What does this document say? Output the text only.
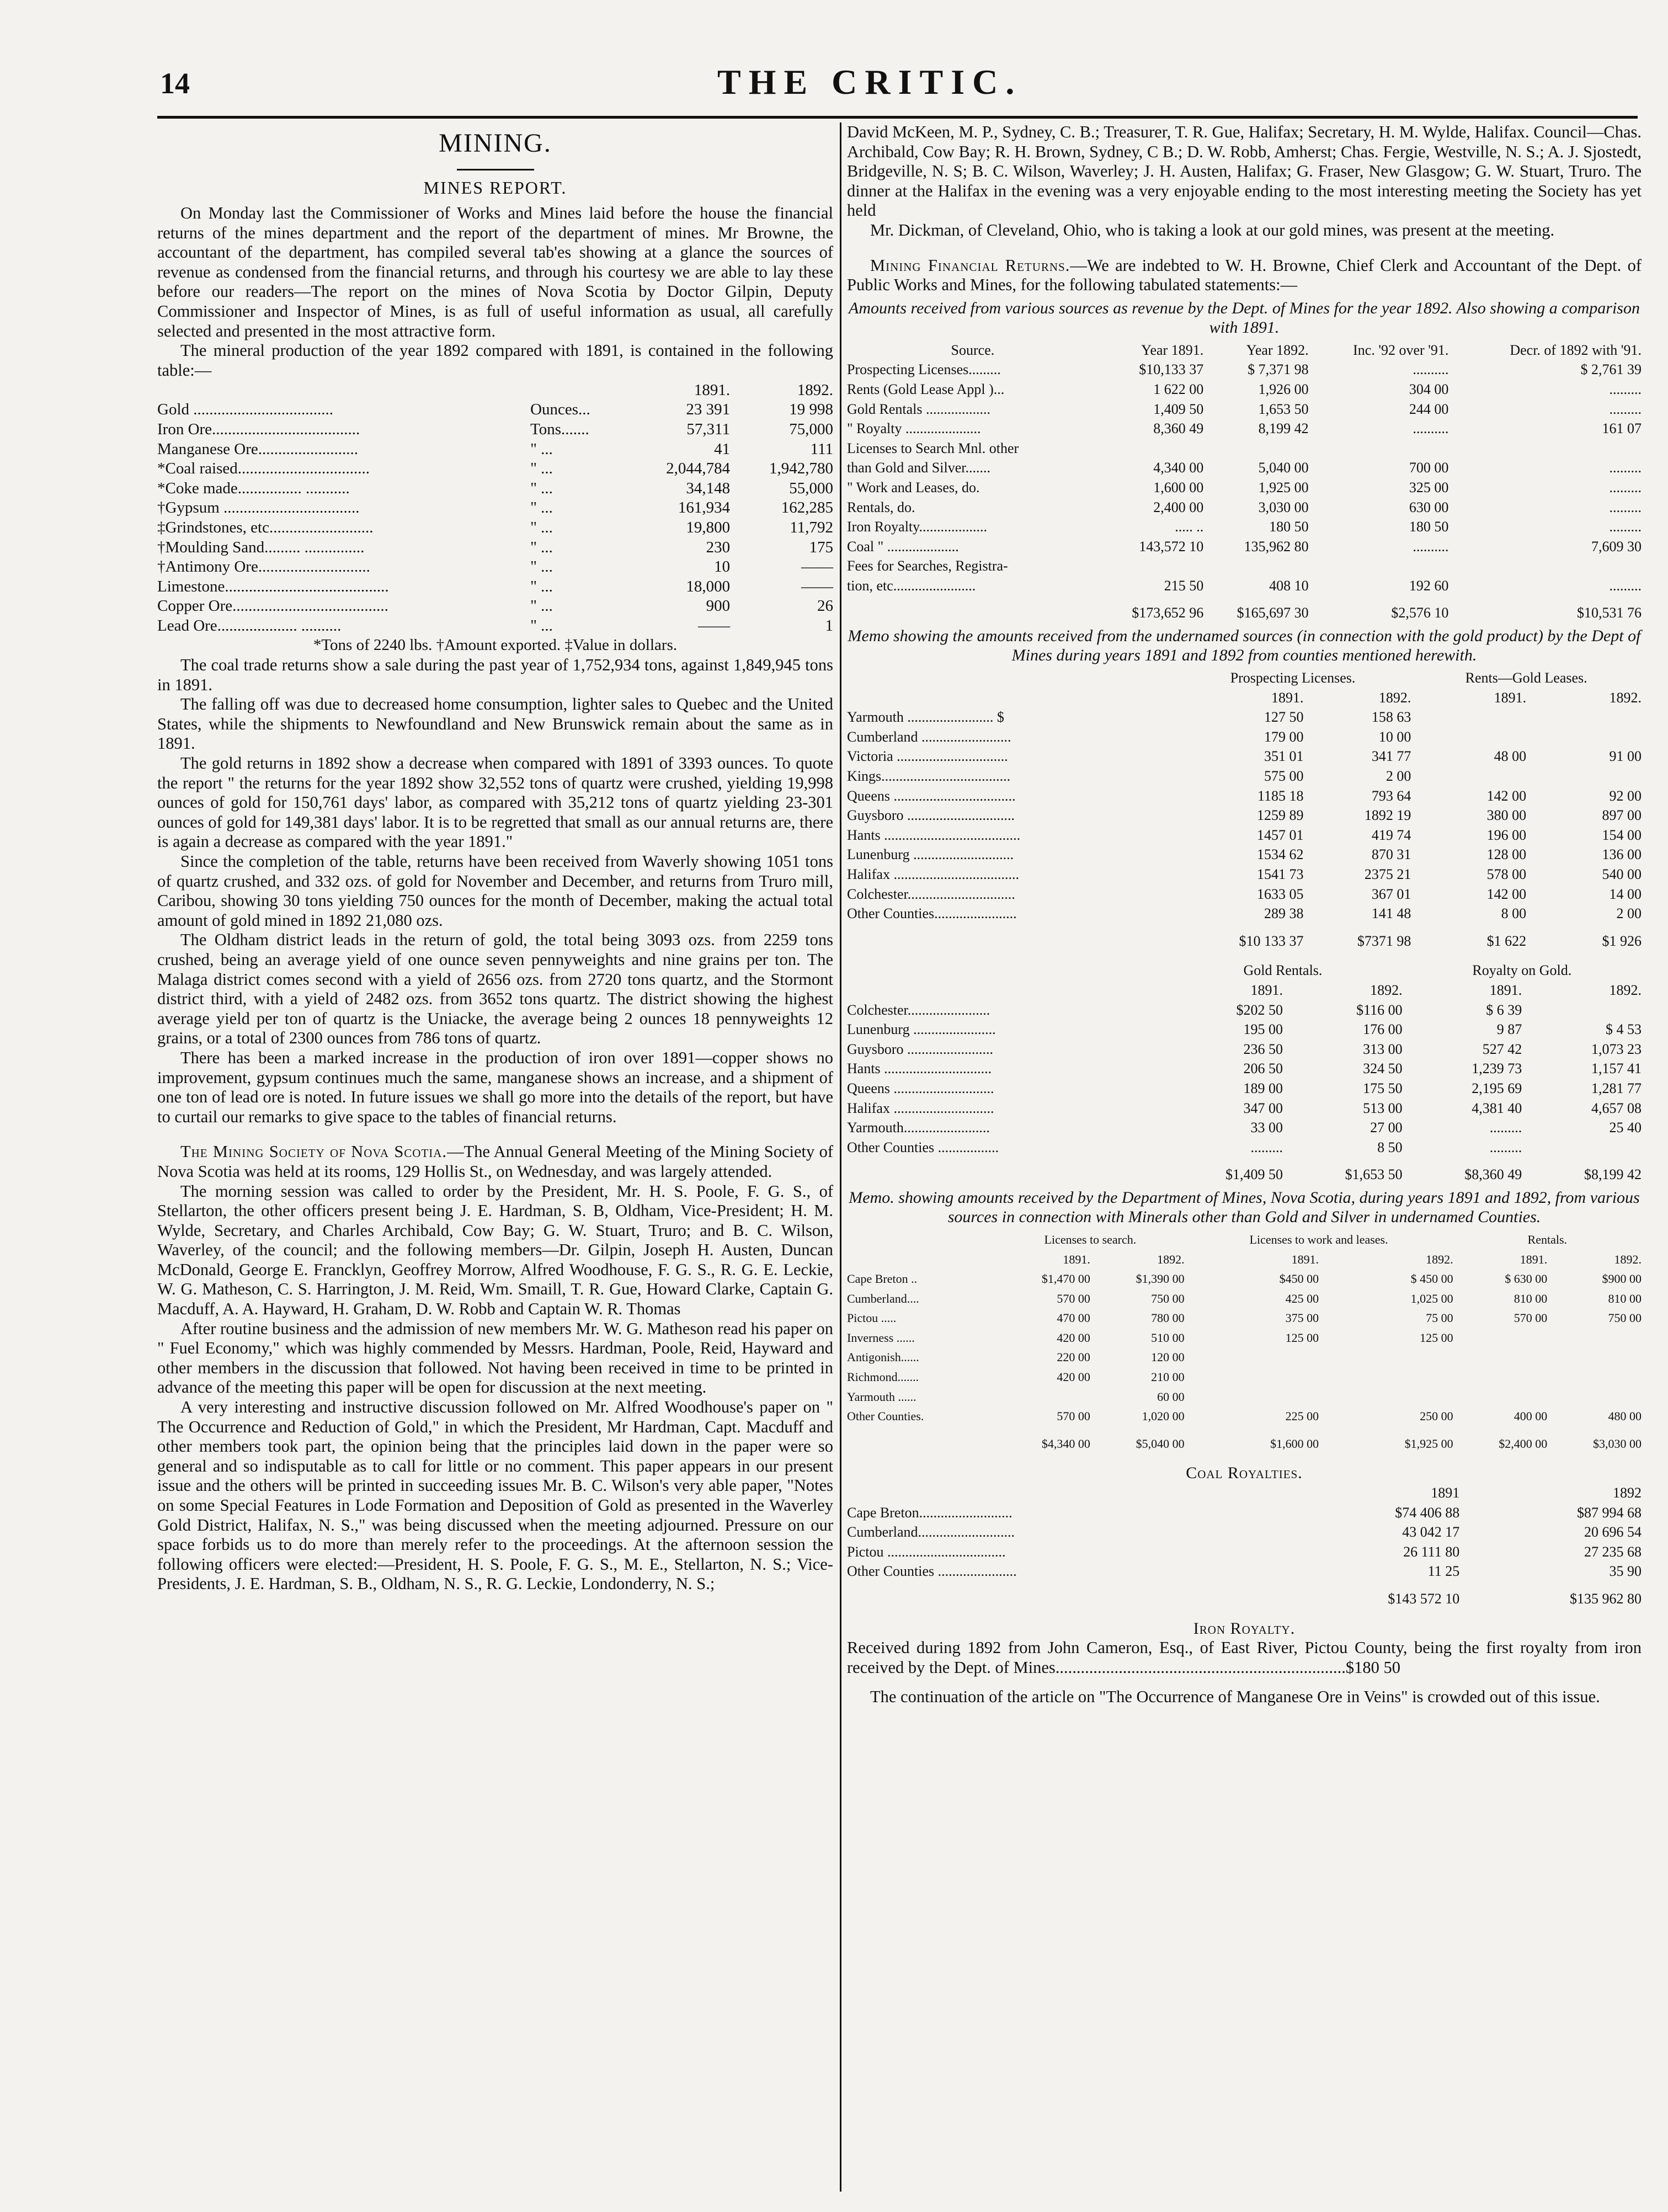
14	THE CRITIC.
MINING.
MINES REPORT.

On Monday last the Commissioner of Works and Mines laid before the house the financial returns of the mines department and the report of the department of mines. Mr Browne, the accountant of the department, has compiled several tab'es showing at a glance the sources of revenue as condensed from the financial returns, and through his courtesy we are able to lay these before our readers—The report on the mines of Nova Scotia by Doctor Gilpin, Deputy Commissioner and Inspector of Mines, is as full of useful information as usual, all carefully selected and presented in the most attractive form.

The mineral production of the year 1892 compared with 1891, is contained in the following table:—

		1891.	1892.
Gold ...................................	Ounces...	23 391	19 998
Iron Ore.....................................	Tons.......	57,311	75,000
Manganese Ore.........................	" ...	41	111
*Coal raised.................................	" ...	2,044,784	1,942,780
*Coke made................ ...........	" ...	34,148	55,000
†Gypsum ..................................	" ...	161,934	162,285
‡Grindstones, etc..........................	" ...	19,800	11,792
†Moulding Sand......... ...............	" ...	230	175
†Antimony Ore............................	" ...	10	——
Limestone.........................................	" ...	18,000	——
Copper Ore.......................................	" ...	900	26
Lead Ore.................... ..........	" ...	——	1
*Tons of 2240 lbs. †Amount exported. ‡Value in dollars.

The coal trade returns show a sale during the past year of 1,752,934 tons, against 1,849,945 tons in 1891.

The falling off was due to decreased home consumption, lighter sales to Quebec and the United States, while the shipments to Newfoundland and New Brunswick remain about the same as in 1891.

The gold returns in 1892 show a decrease when compared with 1891 of 3393 ounces. To quote the report " the returns for the year 1892 show 32,552 tons of quartz were crushed, yielding 19,998 ounces of gold for 150,761 days' labor, as compared with 35,212 tons of quartz yielding 23-301 ounces of gold for 149,381 days' labor. It is to be regretted that small as our annual returns are, there is again a decrease as compared with the year 1891."

Since the completion of the table, returns have been received from Waverly showing 1051 tons of quartz crushed, and 332 ozs. of gold for November and December, and returns from Truro mill, Caribou, showing 30 tons yielding 750 ounces for the month of December, making the actual total amount of gold mined in 1892 21,080 ozs.

The Oldham district leads in the return of gold, the total being 3093 ozs. from 2259 tons crushed, being an average yield of one ounce seven pennyweights and nine grains per ton. The Malaga district comes second with a yield of 2656 ozs. from 2720 tons quartz, and the Stormont district third, with a yield of 2482 ozs. from 3652 tons quartz. The district showing the highest average yield per ton of quartz is the Uniacke, the average being 2 ounces 18 pennyweights 12 grains, or a total of 2300 ounces from 786 tons of quartz.

There has been a marked increase in the production of iron over 1891—copper shows no improvement, gypsum continues much the same, manganese shows an increase, and a shipment of one ton of lead ore is noted. In future issues we shall go more into the details of the report, but have to curtail our remarks to give space to the tables of financial returns.

The Mining Society of Nova Scotia.—The Annual General Meeting of the Mining Society of Nova Scotia was held at its rooms, 129 Hollis St., on Wednesday, and was largely attended.

The morning session was called to order by the President, Mr. H. S. Poole, F. G. S., of Stellarton, the other officers present being J. E. Hardman, S. B, Oldham, Vice-President; H. M. Wylde, Secretary, and Charles Archibald, Cow Bay; G. W. Stuart, Truro; and B. C. Wilson, Waverley, of the council; and the following members—Dr. Gilpin, Joseph H. Austen, Duncan McDonald, George E. Francklyn, Geoffrey Morrow, Alfred Woodhouse, F. G. S., R. G. E. Leckie, W. G. Matheson, C. S. Harrington, J. M. Reid, Wm. Smaill, T. R. Gue, Howard Clarke, Captain G. Macduff, A. A. Hayward, H. Graham, D. W. Robb and Captain W. R. Thomas

After routine business and the admission of new members Mr. W. G. Matheson read his paper on " Fuel Economy," which was highly commended by Messrs. Hardman, Poole, Reid, Hayward and other members in the discussion that followed. Not having been received in time to be printed in advance of the meeting this paper will be open for discussion at the next meeting.

A very interesting and instructive discussion followed on Mr. Alfred Woodhouse's paper on " The Occurrence and Reduction of Gold," in which the President, Mr Hardman, Capt. Macduff and other members took part, the opinion being that the principles laid down in the paper were so general and so indisputable as to call for little or no comment. This paper appears in our present issue and the others will be printed in succeeding issues Mr. B. C. Wilson's very able paper, "Notes on some Special Features in Lode Formation and Deposition of Gold as presented in the Waverley Gold District, Halifax, N. S.," was being discussed when the meeting adjourned. Pressure on our space forbids us to do more than merely refer to the proceedings. At the afternoon session the following officers were elected:—President, H. S. Poole, F. G. S., M. E., Stellarton, N. S.; Vice-Presidents, J. E. Hardman, S. B., Oldham, N. S., R. G. Leckie, Londonderry, N. S.;

David McKeen, M. P., Sydney, C. B.; Treasurer, T. R. Gue, Halifax; Secretary, H. M. Wylde, Halifax. Council—Chas. Archibald, Cow Bay; R. H. Brown, Sydney, C B.; D. W. Robb, Amherst; Chas. Fergie, Westville, N. S.; A. J. Sjostedt, Bridgeville, N. S; B. C. Wilson, Waverley; J. H. Austen, Halifax; G. Fraser, New Glasgow; G. W. Stuart, Truro. The dinner at the Halifax in the evening was a very enjoyable ending to the most interesting meeting the Society has yet held

Mr. Dickman, of Cleveland, Ohio, who is taking a look at our gold mines, was present at the meeting.

Mining Financial Returns.—We are indebted to W. H. Browne, Chief Clerk and Accountant of the Dept. of Public Works and Mines, for the following tabulated statements:—

Amounts received from various sources as revenue by the Dept. of Mines for the year 1892. Also showing a comparison with 1891.
Source.	Year 1891.	Year 1892.	Inc. '92 over '91.	Decr. of 1892 with '91.
Prospecting Licenses.........	$10,133 37	$ 7,371 98	..........	$ 2,761 39
Rents (Gold Lease Appl )...	1 622 00	1,926 00	304 00	.........
Gold Rentals ..................	1,409 50	1,653 50	244 00	.........
" Royalty .....................	8,360 49	8,199 42	..........	161 07
Licenses to Search Mnl. other				
than Gold and Silver.......	4,340 00	5,040 00	700 00	.........
" Work and Leases, do.	1,600 00	1,925 00	325 00	.........
Rentals, do.	2,400 00	3,030 00	630 00	.........
Iron Royalty...................	..... ..	180 50	180 50	.........
Coal " ....................	143,572 10	135,962 80	..........	7,609 30
Fees for Searches, Registra-				
tion, etc.......................	215 50	408 10	192 60	.........
	$173,652 96	$165,697 30	$2,576 10	$10,531 76
Memo showing the amounts received from the undernamed sources (in connection with the gold product) by the Dept of Mines during years 1891 and 1892 from counties mentioned herewith.
	Prospecting Licenses.		Rents—Gold Leases.	
	1891.	1892.	1891.	1892.
Yarmouth ........................ $	127 50	158 63		
Cumberland .........................	179 00	10 00		
Victoria ...............................	351 01	341 77	48 00	91 00
Kings....................................	575 00	2 00		
Queens ..................................	1185 18	793 64	142 00	92 00
Guysboro ..............................	1259 89	1892 19	380 00	897 00
Hants ......................................	1457 01	419 74	196 00	154 00
Lunenburg ............................	1534 62	870 31	128 00	136 00
Halifax ...................................	1541 73	2375 21	578 00	540 00
Colchester..............................	1633 05	367 01	142 00	14 00
Other Counties.......................	289 38	141 48	8 00	2 00
	$10 133 37	$7371 98	$1 622	$1 926
	Gold Rentals.		Royalty on Gold.	
	1891.	1892.	1891.	1892.
Colchester.......................	$202 50	$116 00	$ 6 39	
Lunenburg .......................	195 00	176 00	9 87	$ 4 53
Guysboro ........................	236 50	313 00	527 42	1,073 23
Hants ..............................	206 50	324 50	1,239 73	1,157 41
Queens ............................	189 00	175 50	2,195 69	1,281 77
Halifax ............................	347 00	513 00	4,381 40	4,657 08
Yarmouth........................	33 00	27 00	.........	25 40
Other Counties .................	.........	8 50	.........	
	$1,409 50	$1,653 50	$8,360 49	$8,199 42
Memo. showing amounts received by the Department of Mines, Nova Scotia, during years 1891 and 1892, from various sources in connection with Minerals other than Gold and Silver in undernamed Counties.
	Licenses to search.		Licenses to work and leases.		Rentals.	
	1891.	1892.	1891.	1892.	1891.	1892.
Cape Breton ..	$1,470 00	$1,390 00	$450 00	$ 450 00	$ 630 00	$900 00
Cumberland....	570 00	750 00	425 00	1,025 00	810 00	810 00
Pictou .....	470 00	780 00	375 00	75 00	570 00	750 00
Inverness ......	420 00	510 00	125 00	125 00		
Antigonish......	220 00	120 00				
Richmond.......	420 00	210 00				
Yarmouth ......		60 00				
Other Counties.	570 00	1,020 00	225 00	250 00	400 00	480 00
	$4,340 00	$5,040 00	$1,600 00	$1,925 00	$2,400 00	$3,030 00
Coal Royalties.
	1891	1892
Cape Breton..........................	$74 406 88	$87 994 68
Cumberland...........................	43 042 17	20 696 54
Pictou .................................	26 111 80	27 235 68
Other Counties ......................	11 25	35 90
	$143 572 10	$135 962 80
Iron Royalty.

Received during 1892 from John Cameron, Esq., of East River, Pictou County, being the first royalty from iron received by the Dept. of Mines.....................................................................$180 50

The continuation of the article on "The Occurrence of Manganese Ore in Veins" is crowded out of this issue.
